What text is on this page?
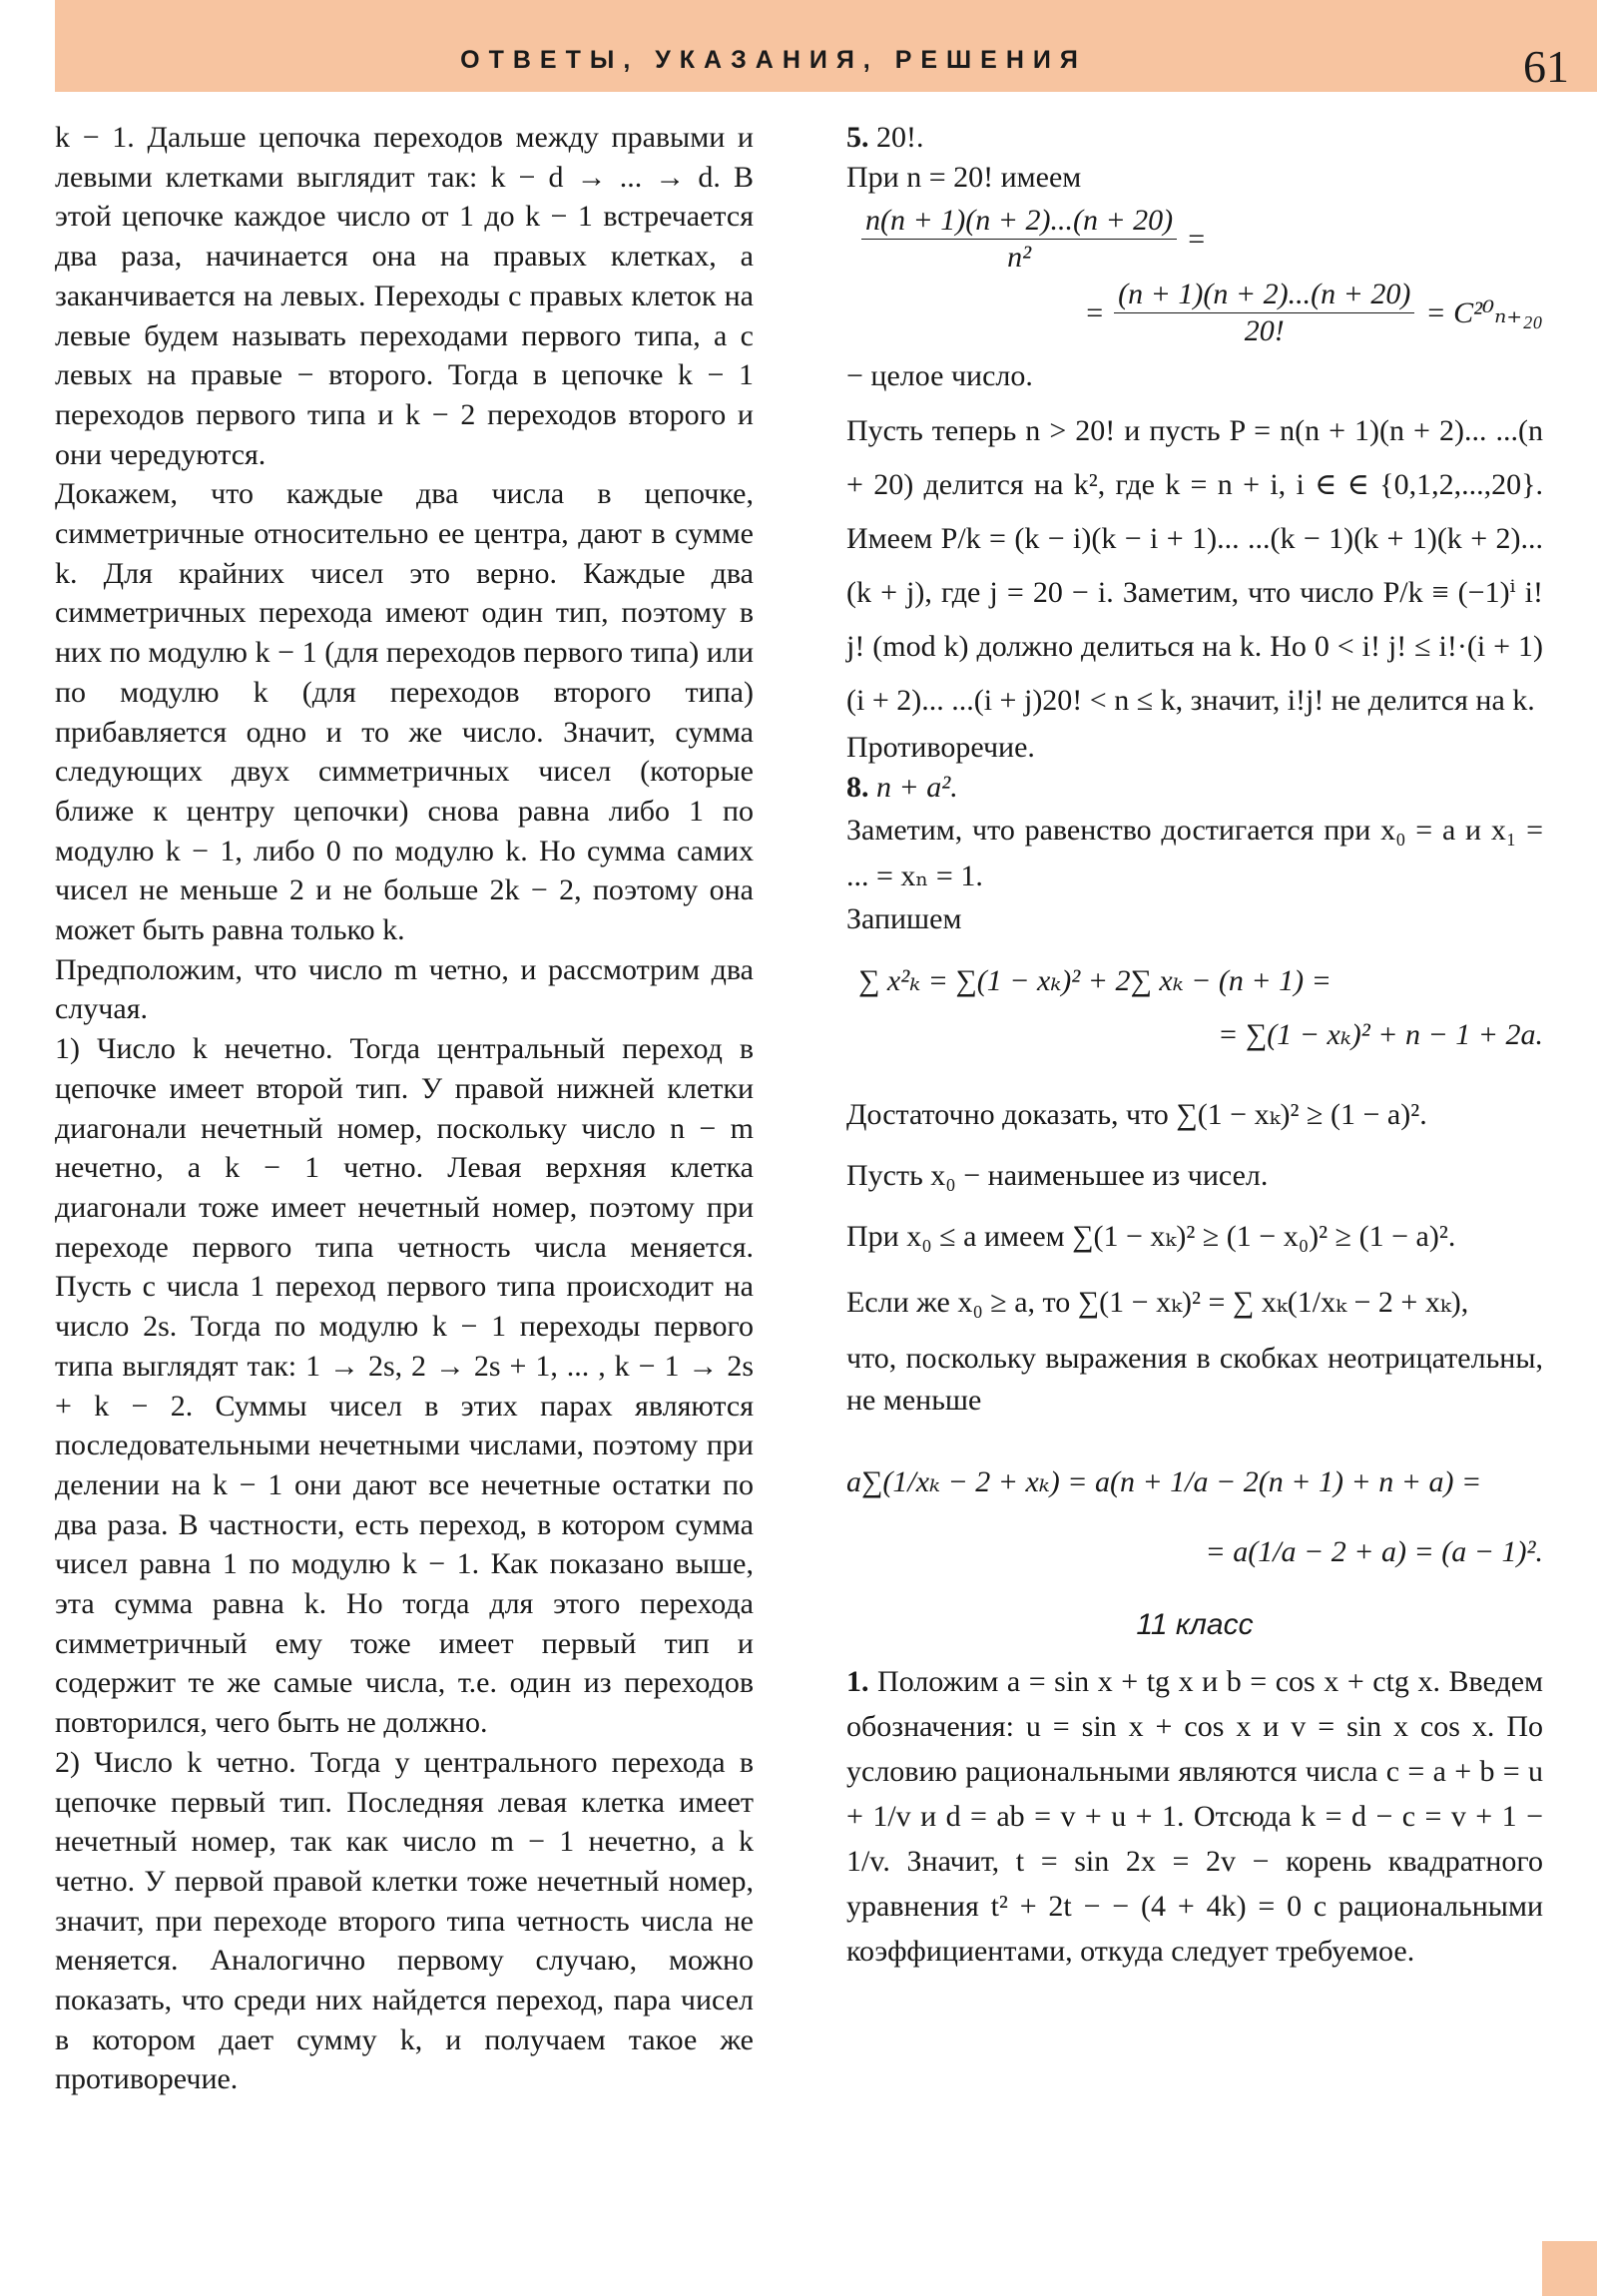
ОТВЕТЫ, УКАЗАНИЯ, РЕШЕНИЯ	61

k − 1. Дальше цепочка переходов между правыми и левыми клетками выглядит так: k − d → ... → d. В этой цепочке каждое число от 1 до k − 1 встречается два раза, начинается она на правых клетках, а заканчивается на левых. Переходы с правых клеток на левые будем называть переходами первого типа, а с левых на правые − второго. Тогда в цепочке k − 1 переходов первого типа и k − 2 переходов второго и они чередуются.

Докажем, что каждые два числа в цепочке, симметричные относительно ее центра, дают в сумме k. Для крайних чисел это верно. Каждые два симметричных перехода имеют один тип, поэтому в них по модулю k − 1 (для переходов первого типа) или по модулю k (для переходов второго типа) прибавляется одно и то же число. Значит, сумма следующих двух симметричных чисел (которые ближе к центру цепочки) снова равна либо 1 по модулю k − 1, либо 0 по модулю k. Но сумма самих чисел не меньше 2 и не больше 2k − 2, поэтому она может быть равна только k.

Предположим, что число m четно, и рассмотрим два случая.

1) Число k нечетно. Тогда центральный переход в цепочке имеет второй тип. У правой нижней клетки диагонали нечетный номер, поскольку число n − m нечетно, а k − 1 четно. Левая верхняя клетка диагонали тоже имеет нечетный номер, поэтому при переходе первого типа четность числа меняется. Пусть с числа 1 переход первого типа происходит на число 2s. Тогда по модулю k − 1 переходы первого типа выглядят так: 1 → 2s, 2 → 2s + 1, ... , k − 1 → 2s + k − 2. Суммы чисел в этих парах являются последовательными нечетными числами, поэтому при делении на k − 1 они дают все нечетные остатки по два раза. В частности, есть переход, в котором сумма чисел равна 1 по модулю k − 1. Как показано выше, эта сумма равна k. Но тогда для этого перехода симметричный ему тоже имеет первый тип и содержит те же самые числа, т.е. один из переходов повторился, чего быть не должно.

2) Число k четно. Тогда у центрального перехода в цепочке первый тип. Последняя левая клетка имеет нечетный номер, так как число m − 1 нечетно, а k четно. У первой правой клетки тоже нечетный номер, значит, при переходе второго типа четность числа не меняется. Аналогично первому случаю, можно показать, что среди них найдется переход, пара чисел в котором дает сумму k, и получаем такое же противоречие.

5. 20!.

При n = 20! имеем

$\frac{n(n + 1)(n + 2)...(n + 20)}{\text{n²}}$ =
= $\frac{(n + 1)(n + 2)...(n + 20)}{20!} = C^{20}_{n+20}$

− целое число.

Пусть теперь n > 20! и пусть P = n(n + 1)(n + 2)... ...(n + 20) делится на k², где k = n + i, i ∈ ∈ {0,1,2,...,20}. Имеем P/k = (k − i)(k − i + 1)... ...(k − 1)(k + 1)(k + 2)...(k + j), где j = 20 − i. Заметим, что число P/k ≡ (−1)ⁱ i! j! (mod k) должно делиться на k. Но 0 < i! j! ≤ i!·(i + 1)(i + 2)... ...(i + j)20! < n ≤ k, значит, i!j! не делится на k.

Противоречие.

8. n + a².

Заметим, что равенство достигается при x₀ = a и x₁ = ... = xₙ = 1.

Запишем

∑ x²ₖ = ∑(1 − xₖ)² + 2∑ xₖ − (n + 1) =
= ∑(1 − xₖ)² + n − 1 + 2a.

Достаточно доказать, что ∑(1 − xₖ)² ≥ (1 − a)².

Пусть x₀ − наименьшее из чисел.

При x₀ ≤ a имеем ∑(1 − xₖ)² ≥ (1 − x₀)² ≥ (1 − a)².

Если же x₀ ≥ a, то ∑(1 − xₖ)² = ∑ xₖ(1/xₖ − 2 + xₖ),

что, поскольку выражения в скобках неотрицательны, не меньше

a∑(1/xₖ − 2 + xₖ) = a(n + 1/a − 2(n + 1) + n + a) =
= a(1/a − 2 + a) = (a − 1)².

11 класс

1. Положим a = sin x + tg x и b = cos x + ctg x. Введем обозначения: u = sin x + cos x и v = sin x cos x. По условию рациональными являются числа c = a + b = u + 1/v и d = ab = v + u + 1. Отсюда k = d − c = v + 1 − 1/v. Значит, t = sin 2x = 2v − корень квадратного уравнения t² + 2t − − (4 + 4k) = 0 с рациональными коэффициентами, откуда следует требуемое.
